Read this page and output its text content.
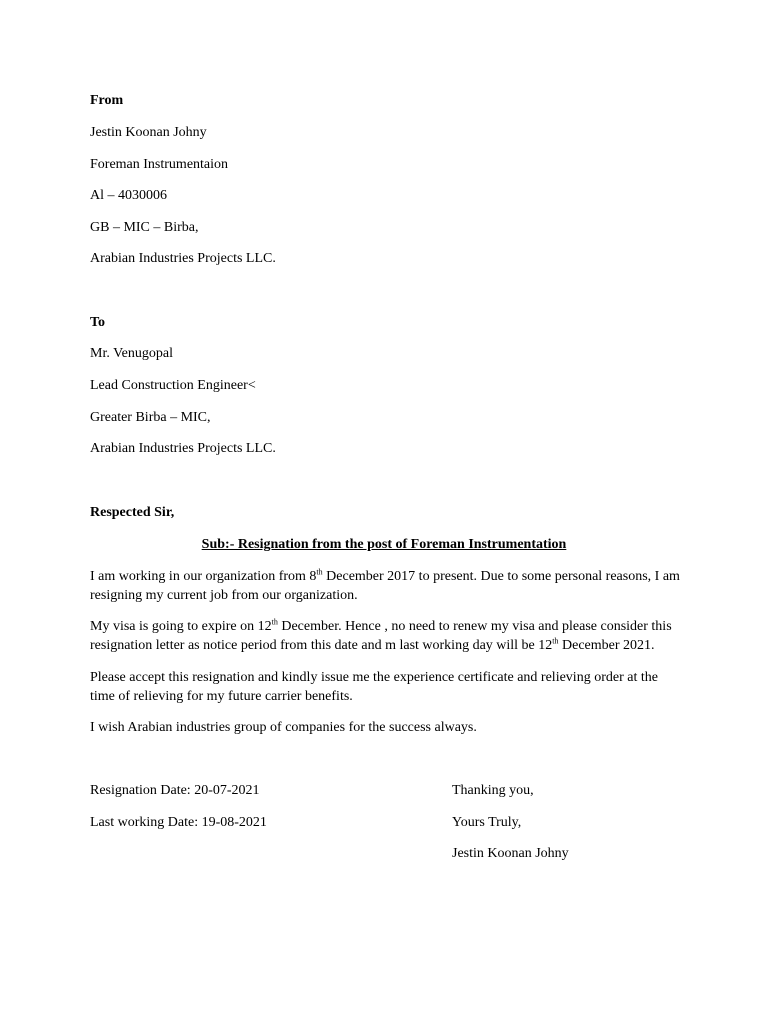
From
Jestin Koonan Johny
Foreman Instrumentaion
Al – 4030006
GB – MIC – Birba,
Arabian Industries Projects LLC.
To
Mr. Venugopal
Lead Construction Engineer<
Greater Birba – MIC,
Arabian Industries Projects LLC.
Respected Sir,
Sub:- Resignation from the post of Foreman Instrumentation
I am working in our organization from 8th December 2017 to present. Due to some personal reasons, I am
resigning my current job from our organization.
My visa is going to expire on 12th December. Hence , no need to renew my visa and please consider this
resignation letter as notice period from this date and m last working day will be 12th December 2021.
Please accept this resignation and kindly issue me the experience certificate and relieving order at the
time of relieving for my future carrier benefits.
I wish Arabian industries group of companies for the success always.
Resignation Date: 20-07-2021
Last working Date: 19-08-2021
Thanking you,
Yours Truly,
Jestin Koonan Johny
